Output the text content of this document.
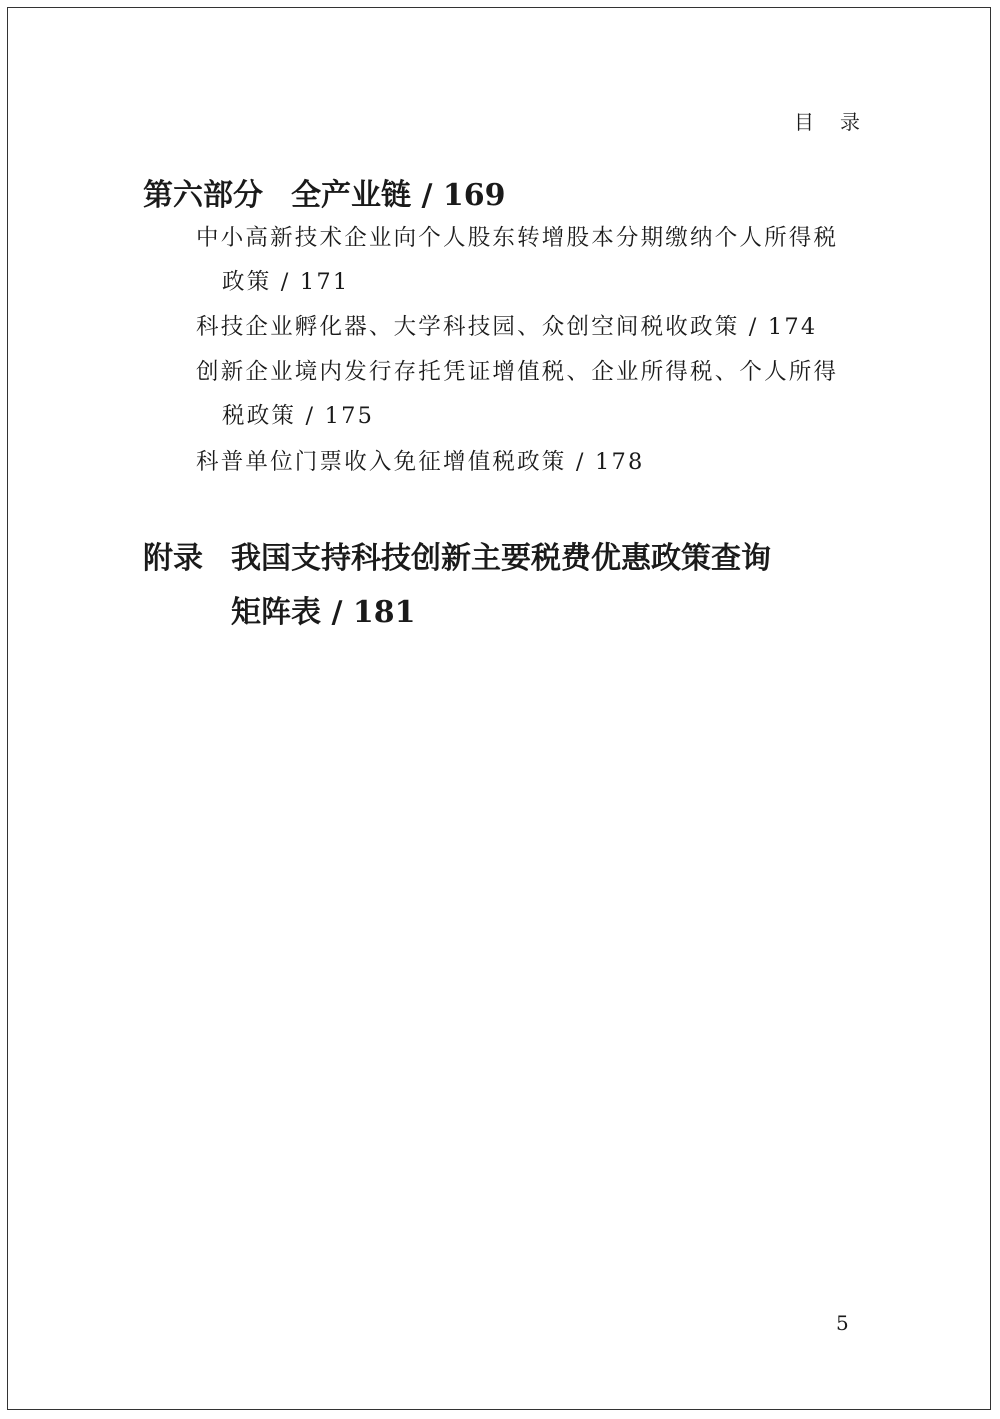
目 录
第六部分 全产业链 / 169
中小高新技术企业向个人股东转增股本分期缴纳个人所得税
政策 / 171
科技企业孵化器、大学科技园、众创空间税收政策 / 174
创新企业境内发行存托凭证增值税、企业所得税、个人所得
税政策 / 175
科普单位门票收入免征增值税政策 / 178
附录 我国支持科技创新主要税费优惠政策查询
矩阵表 / 181
5
